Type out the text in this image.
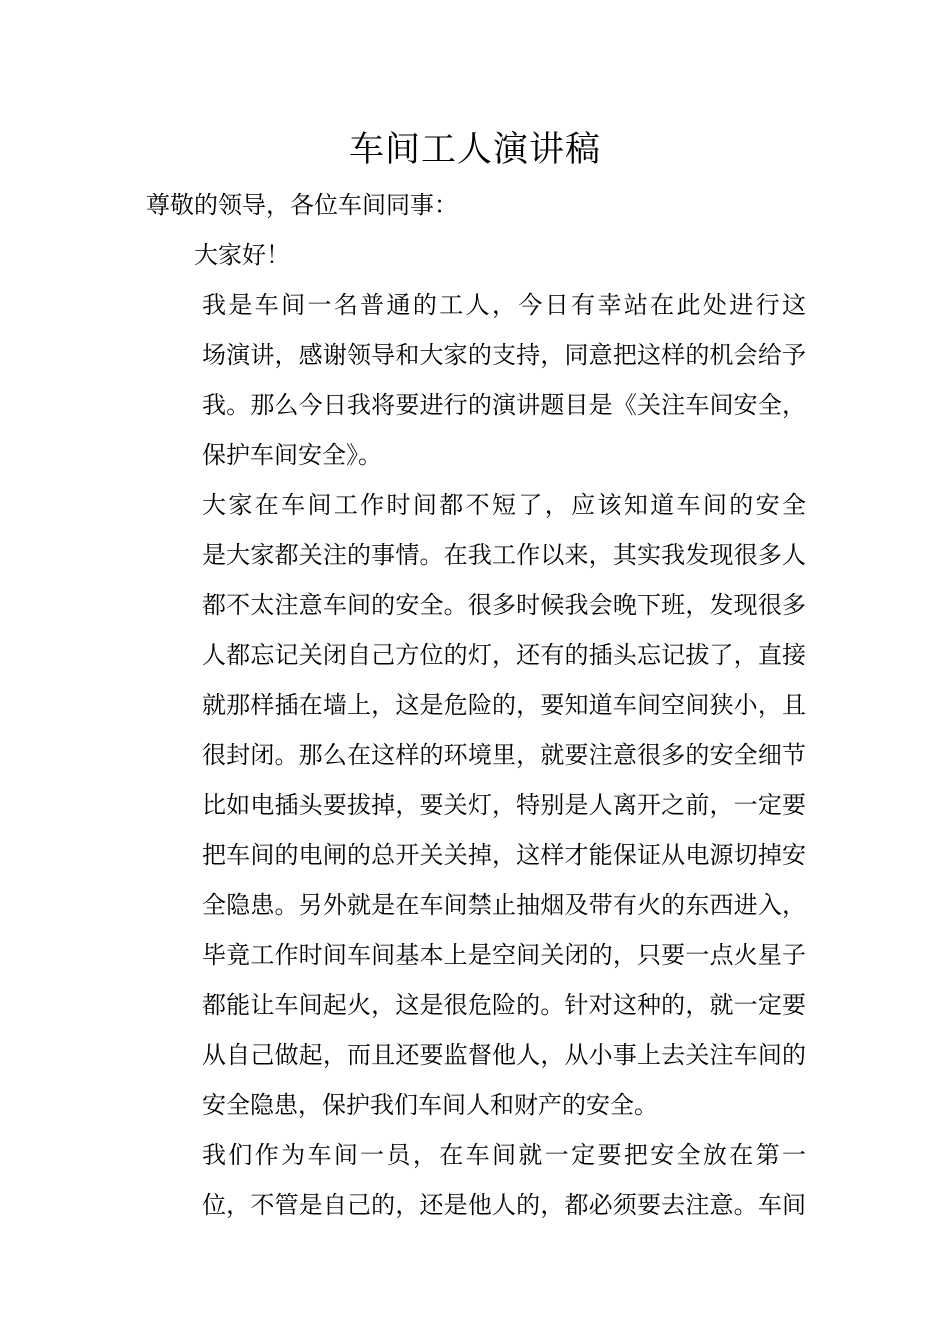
车间工人演讲稿

尊敬的领导，各位车间同事：

大家好！

我是车间一名普通的工人，今日有幸站在此处进行这
场演讲，感谢领导和大家的支持，同意把这样的机会给予
我。那么今日我将要进行的演讲题目是《关注车间安全，
保护车间安全》。

大家在车间工作时间都不短了，应该知道车间的安全
是大家都关注的事情。在我工作以来，其实我发现很多人
都不太注意车间的安全。很多时候我会晚下班，发现很多
人都忘记关闭自己方位的灯，还有的插头忘记拔了，直接
就那样插在墙上，这是危险的，要知道车间空间狭小，且
很封闭。那么在这样的环境里，就要注意很多的安全细节
比如电插头要拔掉，要关灯，特别是人离开之前，一定要
把车间的电闸的总开关关掉，这样才能保证从电源切掉安
全隐患。另外就是在车间禁止抽烟及带有火的东西进入，
毕竟工作时间车间基本上是空间关闭的，只要一点火星子
都能让车间起火，这是很危险的。针对这种的，就一定要
从自己做起，而且还要监督他人，从小事上去关注车间的
安全隐患，保护我们车间人和财产的安全。

我们作为车间一员，在车间就一定要把安全放在第一
位，不管是自己的，还是他人的，都必须要去注意。车间
